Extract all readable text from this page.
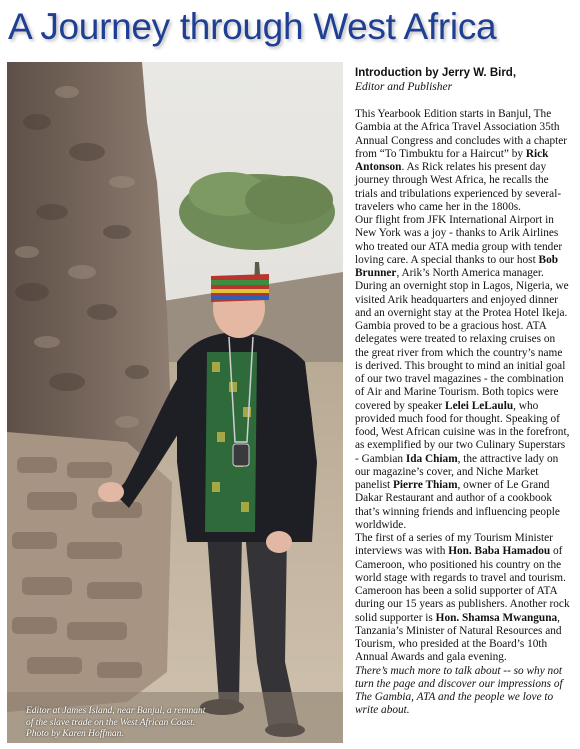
A Journey through West Africa
Editor at James Island, near Banjul, a remnant
of the slave trade on the West African Coast.
Photo by Karen Hoffman.
Introduction by Jerry W. Bird,
Editor and Publisher

This Yearbook Edition starts in Banjul, The Gambia at the Africa Travel Association 35th Annual Congress and concludes with a chapter from “To Timbuktu for a Haircut” by Rick Antonson. As Rick relates his present day journey through West Africa, he recalls the trials and tribulations experienced by several-travelers who came her in the 1800s.

Our flight from JFK International Airport in New York was a joy - thanks to Arik Airlines who treated our ATA media group with tender loving care. A special thanks to our host Bob Brunner, Arik’s North America manager. During an overnight stop in Lagos, Nigeria, we visited Arik headquarters and enjoyed dinner and an overnight stay at the Protea Hotel Ikeja.

Gambia proved to be a gracious host. ATA delegates were treated to relaxing cruises on the great river from which the country’s name is derived. This brought to mind an initial goal of our two travel magazines - the combination of Air and Marine Tourism. Both topics were covered by speaker Lelei LeLaulu, who provided much food for thought. Speaking of food, West African cuisine was in the forefront, as exemplified by our two Culinary Superstars - Gambian Ida Chiam, the attractive lady on our magazine’s cover, and Niche Market panelist Pierre Thiam, owner of Le Grand Dakar Restaurant and author of a cookbook that’s winning friends and influencing people worldwide.

The first of a series of my Tourism Minister interviews was with Hon. Baba Hamadou of Cameroon, who positioned his country on the world stage with regards to travel and tourism. Cameroon has been a solid supporter of ATA during our 15 years as publishers. Another rock solid supporter is Hon. Shamsa Mwanguna, Tanzania’s Minister of Natural Resources and Tourism, who presided at the Board’s 10th Annual Awards and gala evening.

There’s much more to talk about -- so why not turn the page and discover our impressions of The Gambia, ATA and the people we love to write about.
